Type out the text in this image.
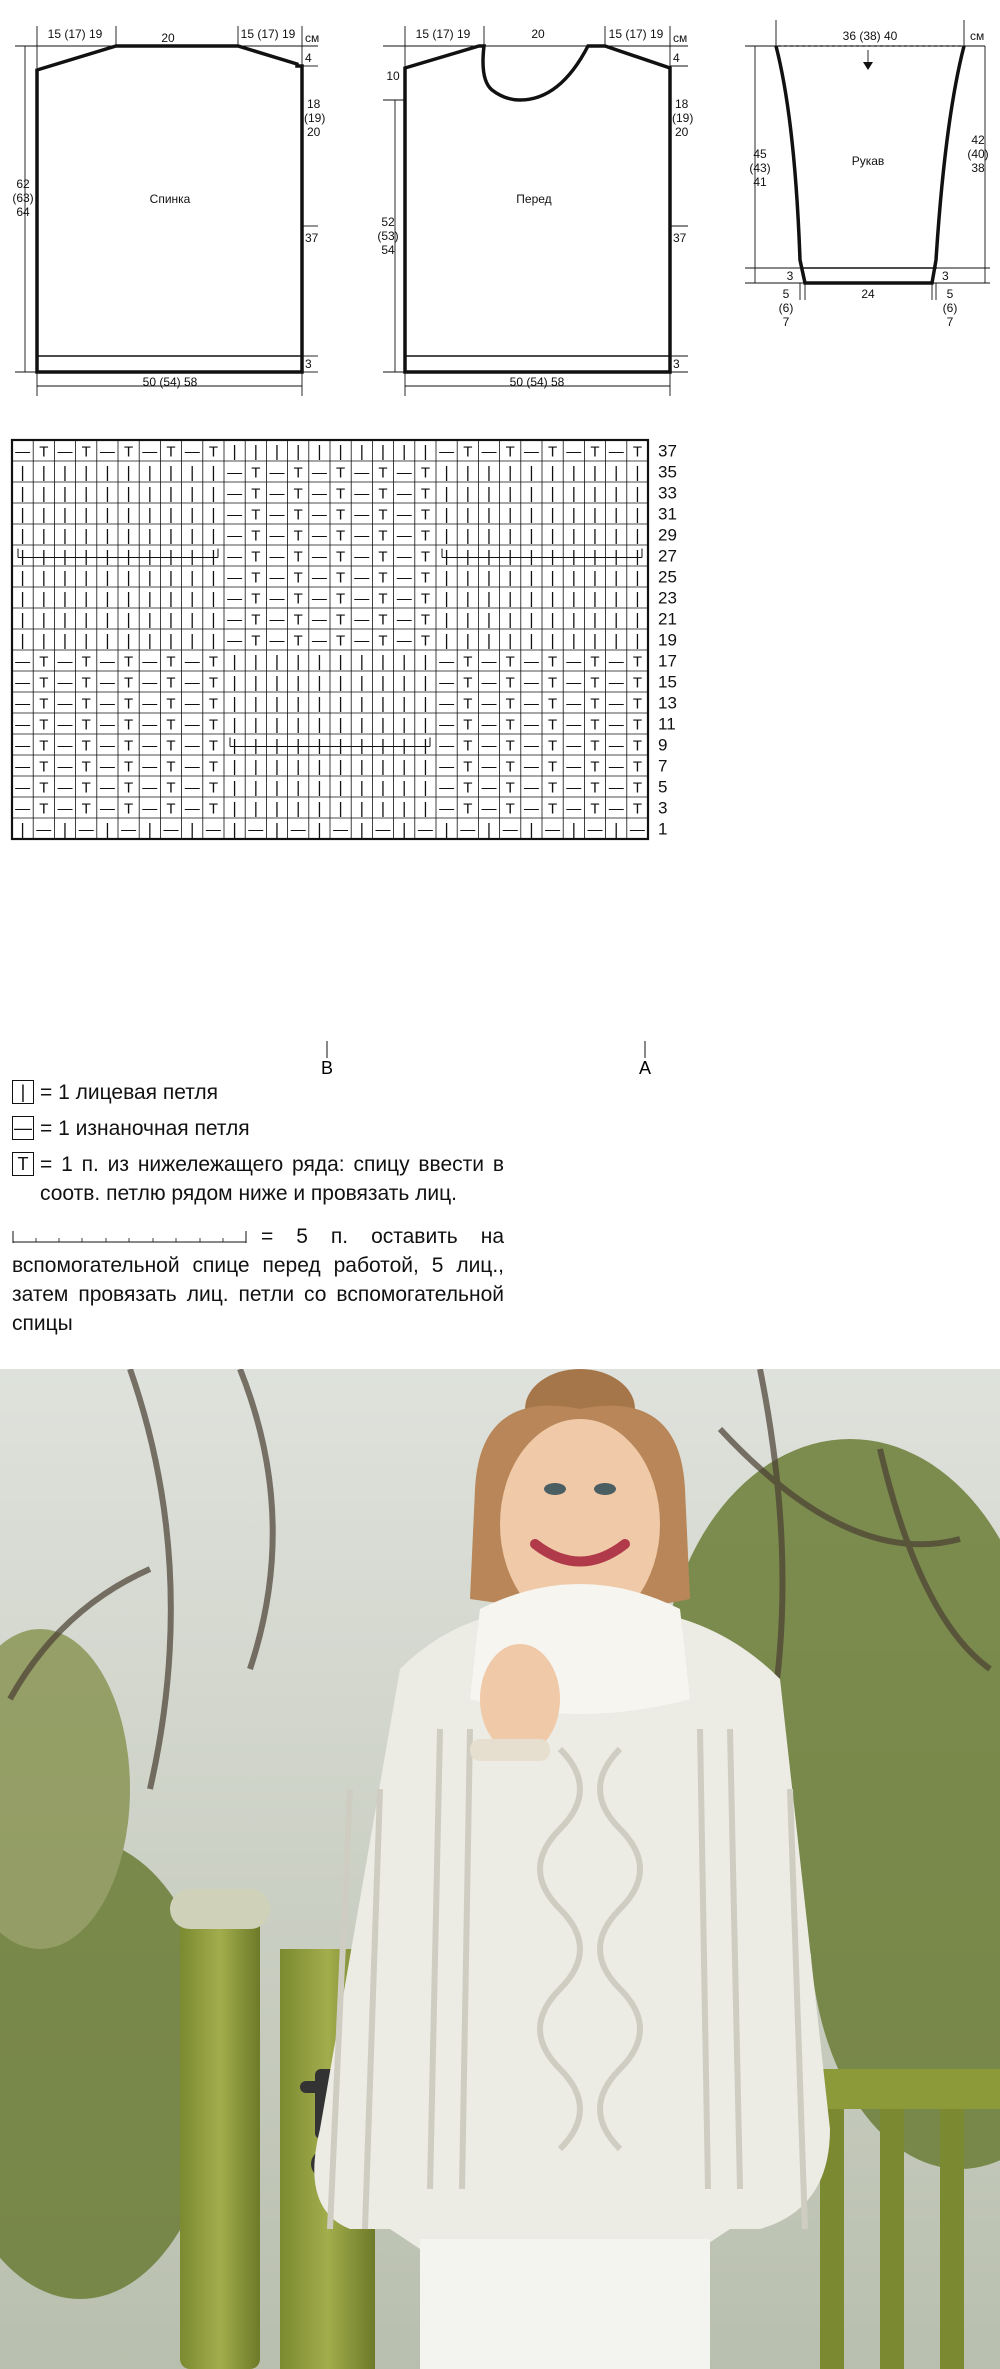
15 (17) 19	20	15 (17) 19 см
4
18
(19)
20
37
3
62
(63)
64
Спинка
50 (54) 58
15 (17) 19	20	15 (17) 19 см
10
4
18
(19)
20
37
3
52
(53)
54
Перед
50 (54) 58
36 (38) 40	см
45
(43)
41
42
(40)
38
Рукав
24
5
(6)
7
5
(6)
7
3	3
— T — T — T — T — T | | | | | | | | | | — T — T — T — T — T
| | | | | | | | | | — T — T — T — T — T | | | | | | | | | |
| | | | | | | | | | — T — T — T — T — T | | | | | | | | | |
| | | | | | | | | | — T — T — T — T — T | | | | | | | | | |
| | | | | | | | | | — T — T — T — T — T | | | | | | | | | |
| | | | | | | | | | — T — T — T — T — T | | | | | | | | | |
| | | | | | | | | | — T — T — T — T — T | | | | | | | | | |
| | | | | | | | | | — T — T — T — T — T | | | | | | | | | |
| | | | | | | | | | — T — T — T — T — T | | | | | | | | | |
| | | | | | | | | | — T — T — T — T — T | | | | | | | | | |
— T — T — T — T — T | | | | | | | | | | — T — T — T — T — T
— T — T — T — T — T | | | | | | | | | | — T — T — T — T — T
— T — T — T — T — T | | | | | | | | | | — T — T — T — T — T
— T — T — T — T — T | | | | | | | | | | — T — T — T — T — T
— T — T — T — T — T | | | | | | | | | | — T — T — T — T — T
— T — T — T — T — T | | | | | | | | | | — T — T — T — T — T
— T — T — T — T — T | | | | | | | | | | — T — T — T — T — T
— T — T — T — T — T | | | | | | | | | | — T — T — T — T — T
| — | — | — | — | — | — | — | — | — | — | — | — | — | — | —
37
35
33
31
29
27
25
23
21
19
17
15
13
11
9
7
5
3
1
B	A
| = 1 лицевая петля
— = 1 изнаночная петля
T = 1 п. из нижележащего ряда: спицу ввести в соотв. петлю рядом ниже и провязать лиц.
= 5 п. оставить на вспомогательной спице перед работой, 5 лиц., затем провязать лиц. петли со вспомогательной спицы
